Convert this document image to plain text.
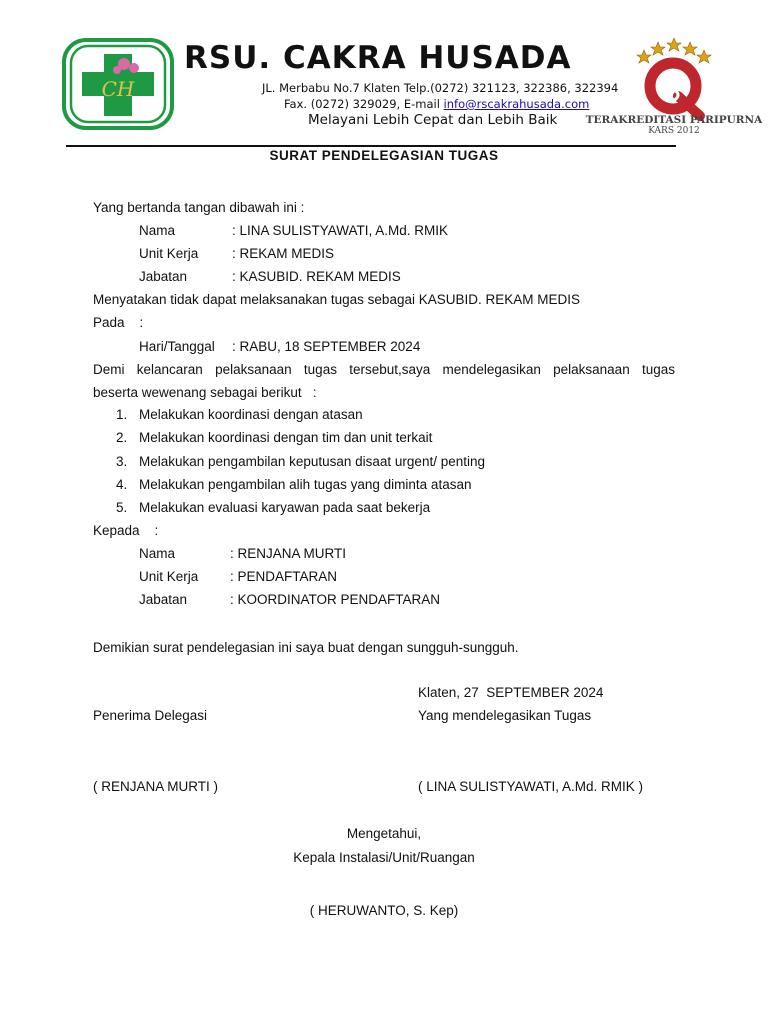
CH
RSU. CAKRA HUSADA
JL. Merbabu No.7 Klaten Telp.(0272) 321123, 322386, 322394
Fax. (0272) 329029, E-mail info@rscakrahusada.com
Melayani Lebih Cepat dan Lebih Baik	TERAKREDITASI PARIPURNA
KARS 2012
SURAT PENDELEGASIAN TUGAS
Yang bertanda tangan dibawah ini :
Nama	: LINA SULISTYAWATI, A.Md. RMIK
Unit Kerja : REKAM MEDIS
Jabatan	: KASUBID. REKAM MEDIS
Menyatakan tidak dapat melaksanakan tugas sebagai KASUBID. REKAM MEDIS
Pada    :
Hari/Tanggal : RABU, 18 SEPTEMBER 2024
Demi kelancaran pelaksanaan tugas tersebut,saya mendelegasikan pelaksanaan tugas
beserta wewenang sebagai berikut   :
1. Melakukan koordinasi dengan atasan
2. Melakukan koordinasi dengan tim dan unit terkait
3. Melakukan pengambilan keputusan disaat urgent/ penting
4. Melakukan pengambilan alih tugas yang diminta atasan
5. Melakukan evaluasi karyawan pada saat bekerja
Kepada    :
Nama	: RENJANA MURTI
Unit Kerja : PENDAFTARAN
Jabatan	: KOORDINATOR PENDAFTARAN
Demikian surat pendelegasian ini saya buat dengan sungguh-sungguh.
Klaten, 27  SEPTEMBER 2024
Penerima Delegasi	Yang mendelegasikan Tugas
( RENJANA MURTI )	( LINA SULISTYAWATI, A.Md. RMIK )
Mengetahui,
Kepala Instalasi/Unit/Ruangan
( HERUWANTO, S. Kep)
